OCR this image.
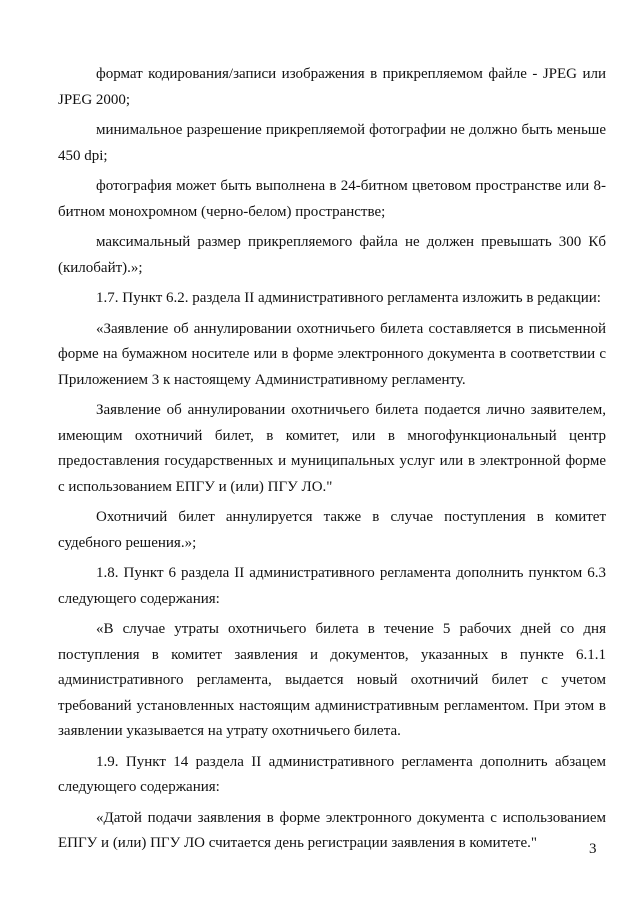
формат кодирования/записи изображения в прикрепляемом файле - JPEG или JPEG 2000;

минимальное разрешение прикрепляемой фотографии не должно быть меньше 450 dpi;

фотография может быть выполнена в 24-битном цветовом пространстве или 8-битном монохромном (черно-белом) пространстве;

максимальный размер прикрепляемого файла не должен превышать 300 Кб (килобайт).»;

1.7. Пункт 6.2. раздела II административного регламента изложить в редакции:

«Заявление об аннулировании охотничьего билета составляется в письменной форме на бумажном носителе или в форме электронного документа в соответствии с Приложением 3 к настоящему Административному регламенту.

Заявление об аннулировании охотничьего билета подается лично заявителем, имеющим охотничий билет, в комитет, или в многофункциональный центр предоставления государственных и муниципальных услуг или в электронной форме с использованием ЕПГУ и (или) ПГУ ЛО."

Охотничий билет аннулируется также в случае поступления в комитет судебного решения.»;

1.8. Пункт 6 раздела II административного регламента дополнить пунктом 6.3 следующего содержания:

«В случае утраты охотничьего билета в течение 5 рабочих дней со дня поступления в комитет заявления и документов, указанных в пункте 6.1.1 административного регламента, выдается новый охотничий билет с учетом требований установленных настоящим административным регламентом. При этом в заявлении указывается на утрату охотничьего билета.

1.9. Пункт 14 раздела II административного регламента дополнить абзацем следующего содержания:

«Датой подачи заявления в форме электронного документа с использованием ЕПГУ и (или) ПГУ ЛО считается день регистрации заявления в комитете."	3
